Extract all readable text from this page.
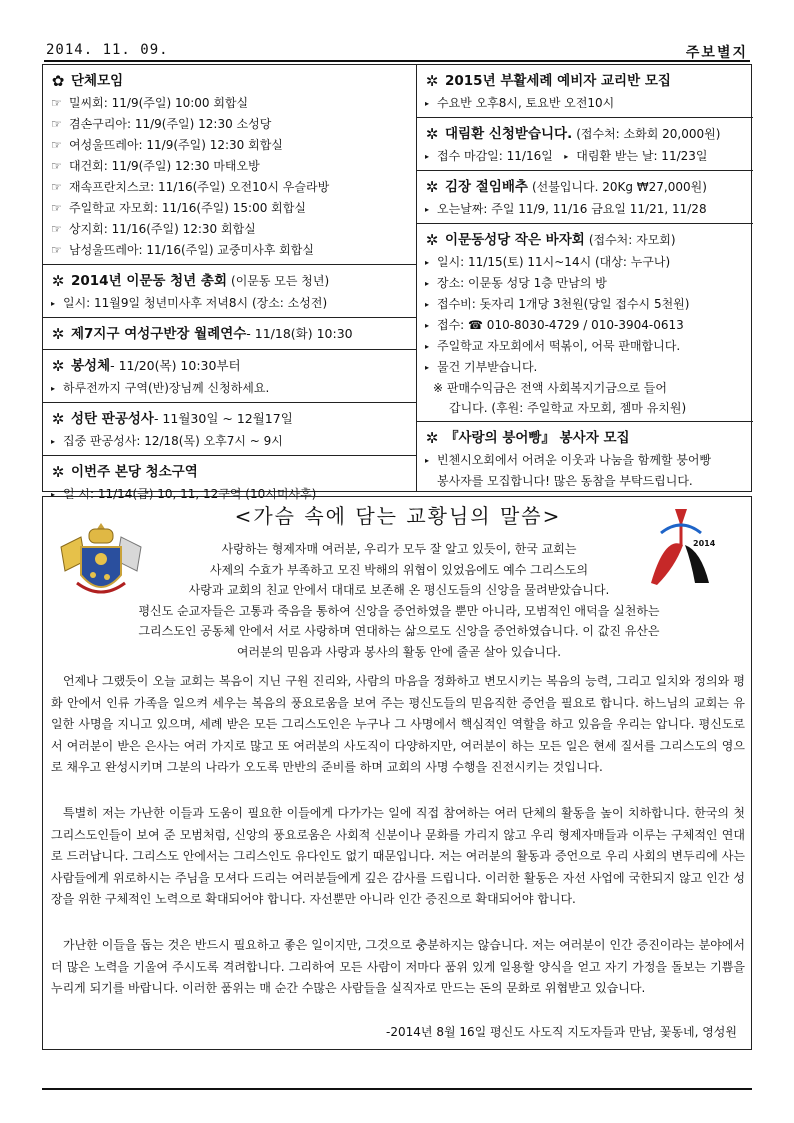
2014. 11. 09.	주보별지
✿ 단체모임
☞ 밀씨회: 11/9(주일) 10:00 회합실
☞ 겸손구리아: 11/9(주일) 12:30 소성당
☞ 여성울뜨레아: 11/9(주일) 12:30 회합실
☞ 대건회: 11/9(주일) 12:30 마태오방
☞ 재속프란치스코: 11/16(주일) 오전10시 우슬라방
☞ 주일학교 자모회: 11/16(주일) 15:00 회합실
☞ 상지회: 11/16(주일) 12:30 회합실
☞ 남성울뜨레아: 11/16(주일) 교중미사후 회합실
✲ 2014년 이문동 청년 총회 (이문동 모든 청년)
▸ 일시: 11월9일 청년미사후 저녁8시 (장소: 소성전)
✲ 제7지구 여성구반장 월례연수 - 11/18(화) 10:30
✲ 봉성체 - 11/20(목) 10:30부터
▸ 하루전까지 구역(반)장님께 신청하세요.
✲ 성탄 판공성사 - 11월30일 ~ 12월17일
▸ 집중 판공성사: 12/18(목) 오후7시 ~ 9시
✲ 이번주 본당 청소구역
▸ 일 시: 11/14(금) 10, 11, 12구역 (10시미사후)
✲ 2015년 부활세례 예비자 교리반 모집
▸ 수요반 오후8시, 토요반 오전10시
✲ 대림환 신청받습니다. (접수처: 소화회 20,000원)
▸ 접수 마감일: 11/16일
▸ 대림환 받는 날: 11/23일
✲ 김장 절임배추 (선불입니다. 20Kg ₩27,000원)
▸ 오는날짜: 주일 11/9, 11/16 금요일 11/21, 11/28
✲ 이문동성당 작은 바자회 (접수처: 자모회)
▸ 일시: 11/15(토) 11시~14시 (대상: 누구나)
▸ 장소: 이문동 성당 1층 만남의 방
▸ 접수비: 돗자리 1개당 3천원(당일 접수시 5천원)
▸ 접수: ☎ 010-8030-4729 / 010-3904-0613
▸ 주일학교 자모회에서 떡볶이, 어묵 판매합니다.
▸ 물건 기부받습니다.
※ 판매수익금은 전액 사회복지기금으로 들어
갑니다. (후원: 주일학교 자모회, 젬마 유치원)
✲ 『사랑의 붕어빵』 봉사자 모집
▸ 빈첸시오회에서 어려운 이웃과 나눔을 함께할 붕어빵
봉사자를 모집합니다! 많은 동참을 부탁드립니다.
<가슴 속에 담는 교황님의 말씀>
2014
사랑하는 형제자매 여러분, 우리가 모두 잘 알고 있듯이, 한국 교회는
사제의 수효가 부족하고 모진 박해의 위협이 있었음에도 예수 그리스도의
사랑과 교회의 친교 안에서 대대로 보존해 온 평신도들의 신앙을 물려받았습니다.
평신도 순교자들은 고통과 죽음을 통하여 신앙을 증언하였을 뿐만 아니라, 모범적인 애덕을 실천하는
그리스도인 공동체 안에서 서로 사랑하며 연대하는 삶으로도 신앙을 증언하였습니다. 이 값진 유산은
여러분의 믿음과 사랑과 봉사의 활동 안에 줄곧 살아 있습니다.

언제나 그랬듯이 오늘 교회는 복음이 지닌 구원 진리와, 사람의 마음을 정화하고 변모시키는 복음의 능력, 그리고 일치와 정의와 평화 안에서 인류 가족을 일으켜 세우는 복음의 풍요로움을 보여 주는 평신도들의 믿음직한 증언을 필요로 합니다. 하느님의 교회는 유일한 사명을 지니고 있으며, 세례 받은 모든 그리스도인은 누구나 그 사명에서 핵심적인 역할을 하고 있음을 우리는 압니다. 평신도로서 여러분이 받은 은사는 여러 가지로 많고 또 여러분의 사도직이 다양하지만, 여러분이 하는 모든 일은 현세 질서를 그리스도의 영으로 채우고 완성시키며 그분의 나라가 오도록 만반의 준비를 하며 교회의 사명 수행을 진전시키는 것입니다.

특별히 저는 가난한 이들과 도움이 필요한 이들에게 다가가는 일에 직접 참여하는 여러 단체의 활동을 높이 치하합니다. 한국의 첫 그리스도인들이 보여 준 모범처럼, 신앙의 풍요로움은 사회적 신분이나 문화를 가리지 않고 우리 형제자매들과 이루는 구체적인 연대로 드러납니다. 그리스도 안에서는 그리스인도 유다인도 없기 때문입니다. 저는 여러분의 활동과 증언으로 우리 사회의 변두리에 사는 사람들에게 위로하시는 주님을 모셔다 드리는 여러분들에게 깊은 감사를 드립니다. 이러한 활동은 자선 사업에 국한되지 않고 인간 성장을 위한 구체적인 노력으로 확대되어야 합니다. 자선뿐만 아니라 인간 증진으로 확대되어야 합니다.

가난한 이들을 돕는 것은 반드시 필요하고 좋은 일이지만, 그것으로 충분하지는 않습니다. 저는 여러분이 인간 증진이라는 분야에서 더 많은 노력을 기울여 주시도록 격려합니다. 그리하여 모든 사람이 저마다 품위 있게 일용할 양식을 얻고 자기 가정을 돌보는 기쁨을 누리게 되기를 바랍니다. 이러한 품위는 매 순간 수많은 사람들을 실직자로 만드는 돈의 문화로 위협받고 있습니다.

-2014년 8월 16일 평신도 사도직 지도자들과 만남, 꽃동네, 영성원
